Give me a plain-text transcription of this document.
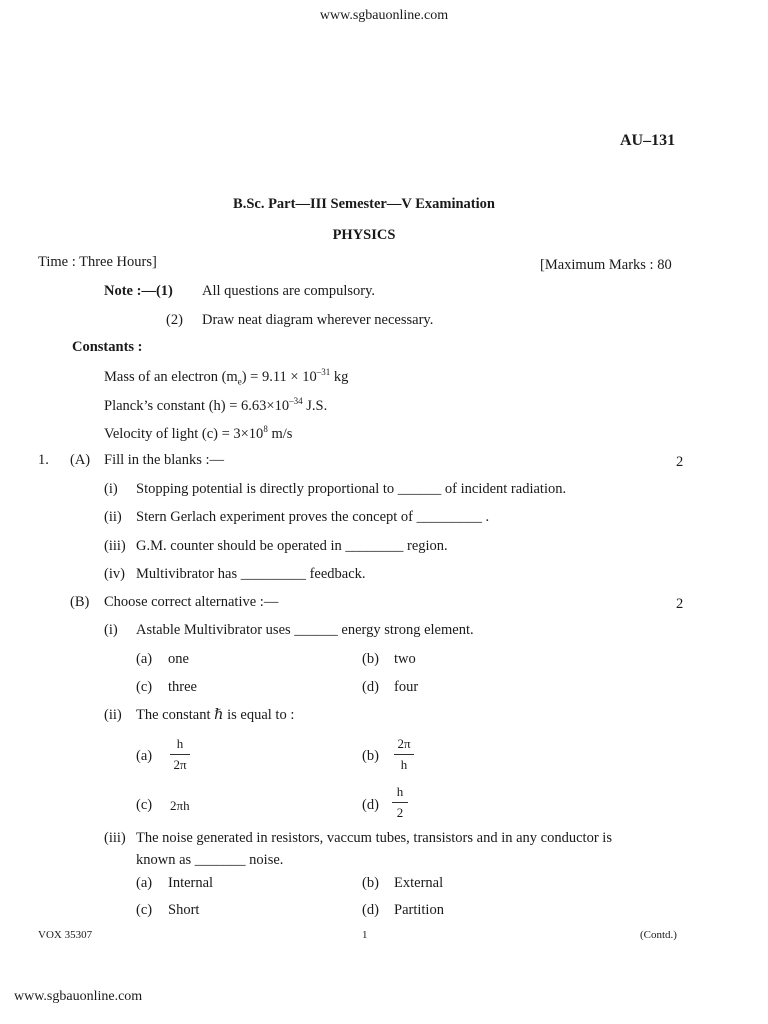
www.sgbauonline.com
AU–131
B.Sc. Part—III Semester—V Examination
PHYSICS
Time : Three Hours]	[Maximum Marks : 80
Note :—(1) All questions are compulsory.
(2) Draw neat diagram wherever necessary.
Constants :
Mass of an electron $(m_e) = 9.11 \times 10^{-31}$ kg
Planck’s constant $(h) = 6.63\times 10^{-34}$ J.S.
Velocity of light $(c) = 3\times 10^8$ m/s
1. (A) Fill in the blanks :—	2
(i) Stopping potential is directly proportional to ______ of incident radiation.
(ii) Stern Gerlach experiment proves the concept of _________ .
(iii) G.M. counter should be operated in ________ region.
(iv) Multivibrator has _________ feedback.
(B) Choose correct alternative :—	2
(i) Astable Multivibrator uses ______ energy strong element.
(a) one	(b) two
(c) three	(d) four
(ii) The constant ℏ is equal to :
(a)
h
2π
(b)
2π
h
(c) 2πh	(d)
h
2
(iii) The noise generated in resistors, vaccum tubes, transistors and in any conductor is
known as _______ noise.
(a) Internal	(b) External
(c) Short	(d) Partition
VOX 35307	1	(Contd.)
www.sgbauonline.com
